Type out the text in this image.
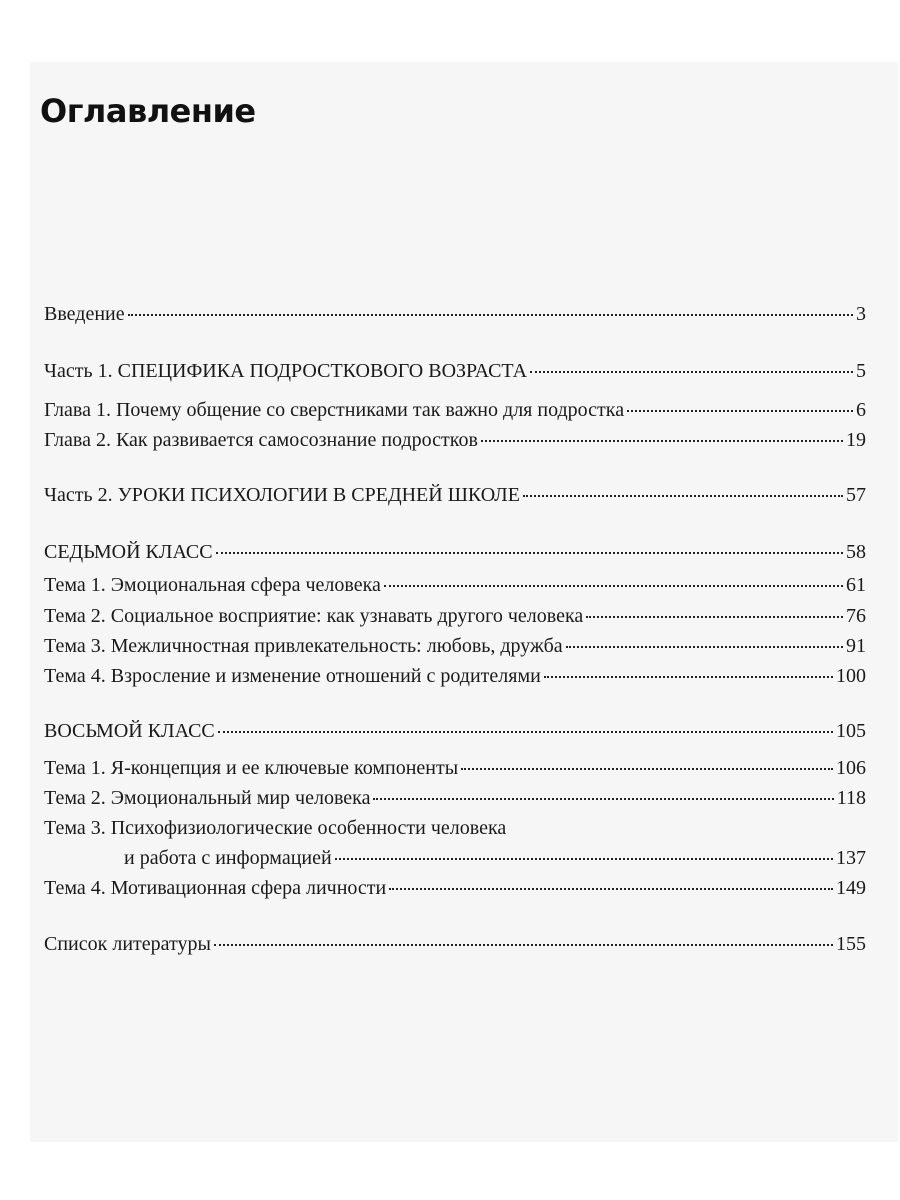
Оглавление
Введение	3
Часть 1. СПЕЦИФИКА ПОДРОСТКОВОГО ВОЗРАСТА	5
Глава 1. Почему общение со сверстниками так важно для подростка	6
Глава 2. Как развивается самосознание подростков	19
Часть 2. УРОКИ ПСИХОЛОГИИ В СРЕДНЕЙ ШКОЛЕ	57
СЕДЬМОЙ КЛАСС	58
Тема 1. Эмоциональная сфера человека	61
Тема 2. Социальное восприятие: как узнавать другого человека	76
Тема 3. Межличностная привлекательность: любовь, дружба	91
Тема 4. Взросление и изменение отношений с родителями	100
ВОСЬМОЙ КЛАСС	105
Тема 1. Я-концепция и ее ключевые компоненты	106
Тема 2. Эмоциональный мир человека	118
Тема 3. Психофизиологические особенности человека
и работа с информацией	137
Тема 4. Мотивационная сфера личности	149
Список литературы	155
